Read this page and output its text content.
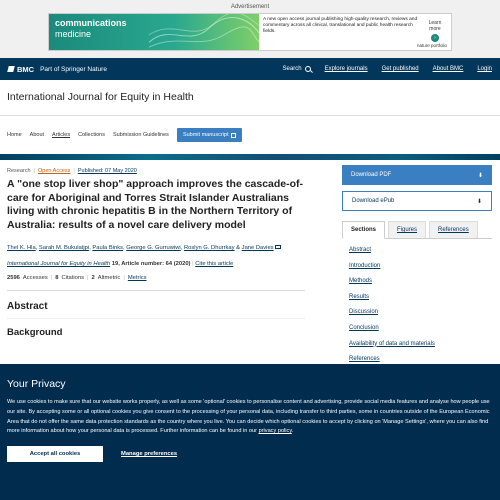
Advertisement
communications
medicine
A new open access journal publishing high-quality research, reviews and commentary across all clinical, translational and public health research fields.
Learn more
›
nature portfolio
BMC Part of Springer Nature	Search	Explore journals Get published About BMC Login
International Journal for Equity in Health
Home About Articles Collections Submission Guidelines	Submit manuscript
Research | Open Access | Published: 07 May 2020
A "one stop liver shop" approach improves the cascade-of-care for Aboriginal and Torres Strait Islander Australians living with chronic hepatitis B in the Northern Territory of Australia: results of a novel care delivery model
Thel K. Hla, Sarah M. Bukulatjpi, Paula Binks, George G. Gurruwiwi, Roslyn G. Dhurrkay & Jane Davies
International Journal for Equity in Health 19, Article number: 64 (2020) | Cite this article
2596 Accesses | 8 Citations | 2 Altmetric | Metrics
Abstract
Background
Download PDF	⬇
Download ePub	⬇
Sections	Figures	References
Abstract
Introduction
Methods
Results
Discussion
Conclusion
Availability of data and materials
References
Your Privacy

We use cookies to make sure that our website works properly, as well as some 'optional' cookies to personalise content and advertising, provide social media features and analyse how people use our site. By accepting some or all optional cookies you give consent to the processing of your personal data, including transfer to third parties, some in countries outside of the European Economic Area that do not offer the same data protection standards as the country where you live. You can decide which optional cookies to accept by clicking on 'Manage Settings', where you can also find more information about how your personal data is processed. Further information can be found in our privacy policy.

Accept all cookies	Manage preferences
